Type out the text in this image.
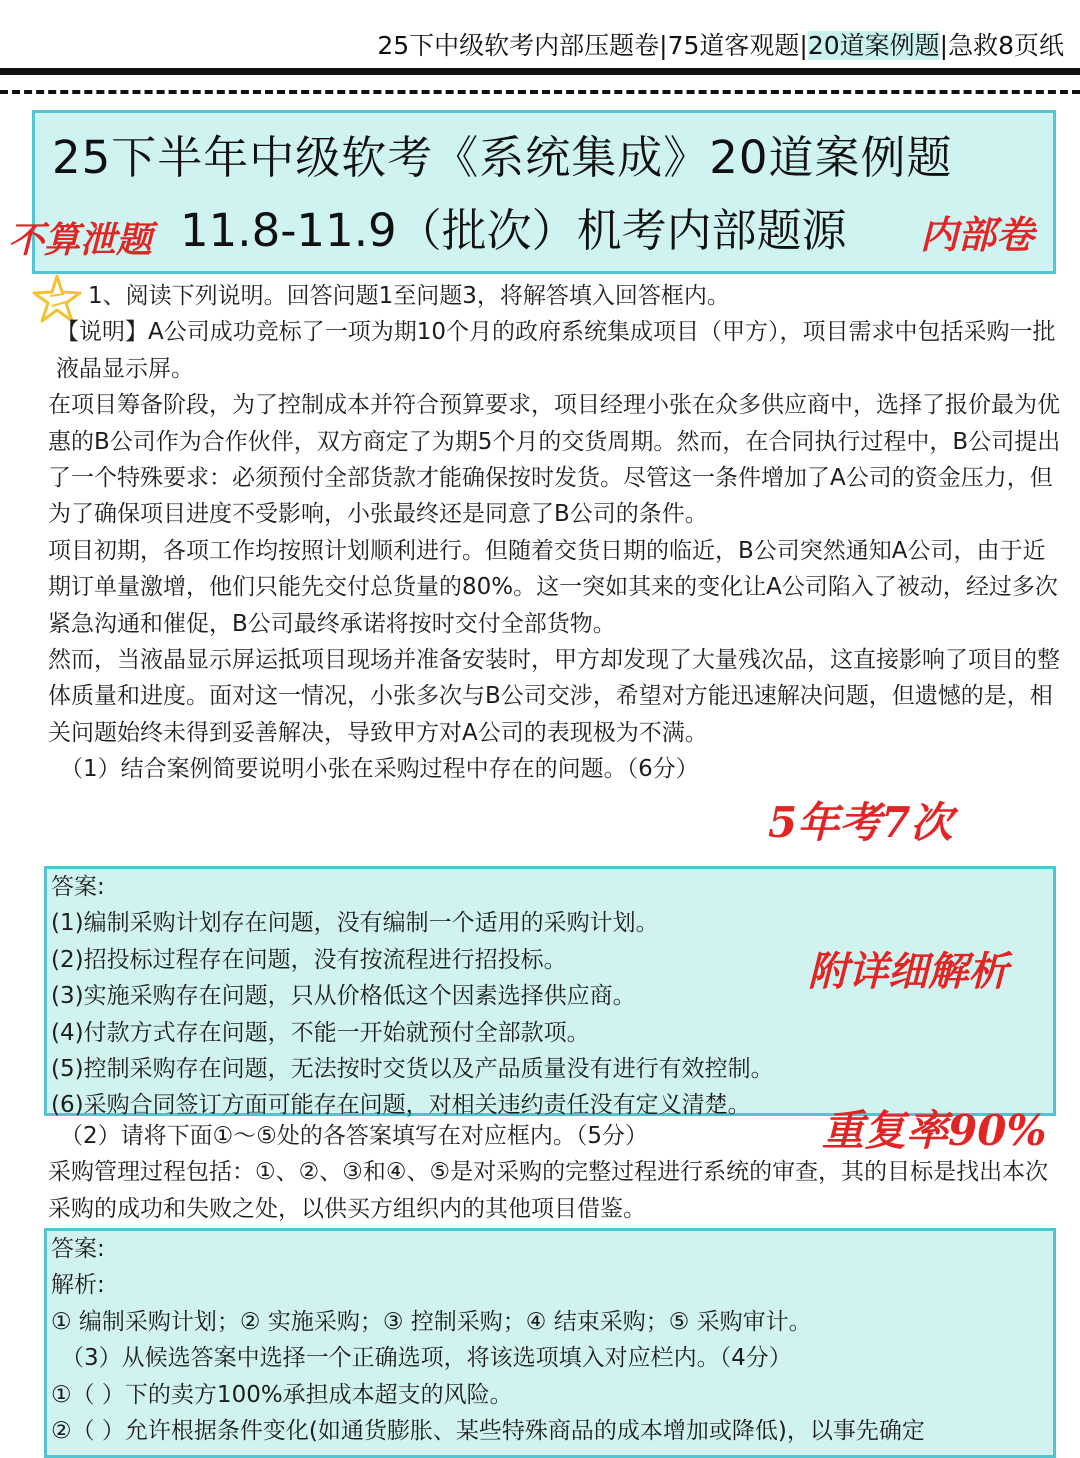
25下中级软考内部压题卷|75道客观题|20道案例题|急救8页纸
25下半年中级软考《系统集成》20道案例题
11.8-11.9（批次）机考内部题源
不算泄题	内部卷

1、阅读下列说明。回答问题1至问题3，将解答填入回答框内。

【说明】A公司成功竞标了一项为期10个月的政府系统集成项目（甲方），项目需求中包括采购一批液晶显示屏。

在项目筹备阶段，为了控制成本并符合预算要求，项目经理小张在众多供应商中，选择了报价最为优惠的B公司作为合作伙伴，双方商定了为期5个月的交货周期。然而，在合同执行过程中，B公司提出了一个特殊要求：必须预付全部货款才能确保按时发货。尽管这一条件增加了A公司的资金压力，但为了确保项目进度不受影响，小张最终还是同意了B公司的条件。

项目初期，各项工作均按照计划顺利进行。但随着交货日期的临近，B公司突然通知A公司，由于近期订单量激增，他们只能先交付总货量的80%。这一突如其来的变化让A公司陷入了被动，经过多次紧急沟通和催促，B公司最终承诺将按时交付全部货物。

然而，当液晶显示屏运抵项目现场并准备安装时，甲方却发现了大量残次品，这直接影响了项目的整体质量和进度。面对这一情况，小张多次与B公司交涉，希望对方能迅速解决问题，但遗憾的是，相关问题始终未得到妥善解决，导致甲方对A公司的表现极为不满。

（1）结合案例简要说明小张在采购过程中存在的问题。（6分）

5年考7次
答案:
(1)编制采购计划存在问题，没有编制一个适用的采购计划。
(2)招投标过程存在问题，没有按流程进行招投标。
(3)实施采购存在问题，只从价格低这个因素选择供应商。
(4)付款方式存在问题，不能一开始就预付全部款项。
(5)控制采购存在问题，无法按时交货以及产品质量没有进行有效控制。
(6)采购合同签订方面可能存在问题，对相关违约责任没有定义清楚。
附详细解析
重复率90%

（2）请将下面①～⑤处的各答案填写在对应框内。（5分）

采购管理过程包括：①、②、③和④、⑤是对采购的完整过程进行系统的审查，其的目标是找出本次采购的成功和失败之处，以供买方组织内的其他项目借鉴。

答案:
解析:
① 编制采购计划；② 实施采购；③ 控制采购；④ 结束采购；⑤ 采购审计。
（3）从候选答案中选择一个正确选项，将该选项填入对应栏内。（4分）
①（ ）下的卖方100%承担成本超支的风险。
②（ ）允许根据条件变化(如通货膨胀、某些特殊商品的成本增加或降低)，以事先确定
